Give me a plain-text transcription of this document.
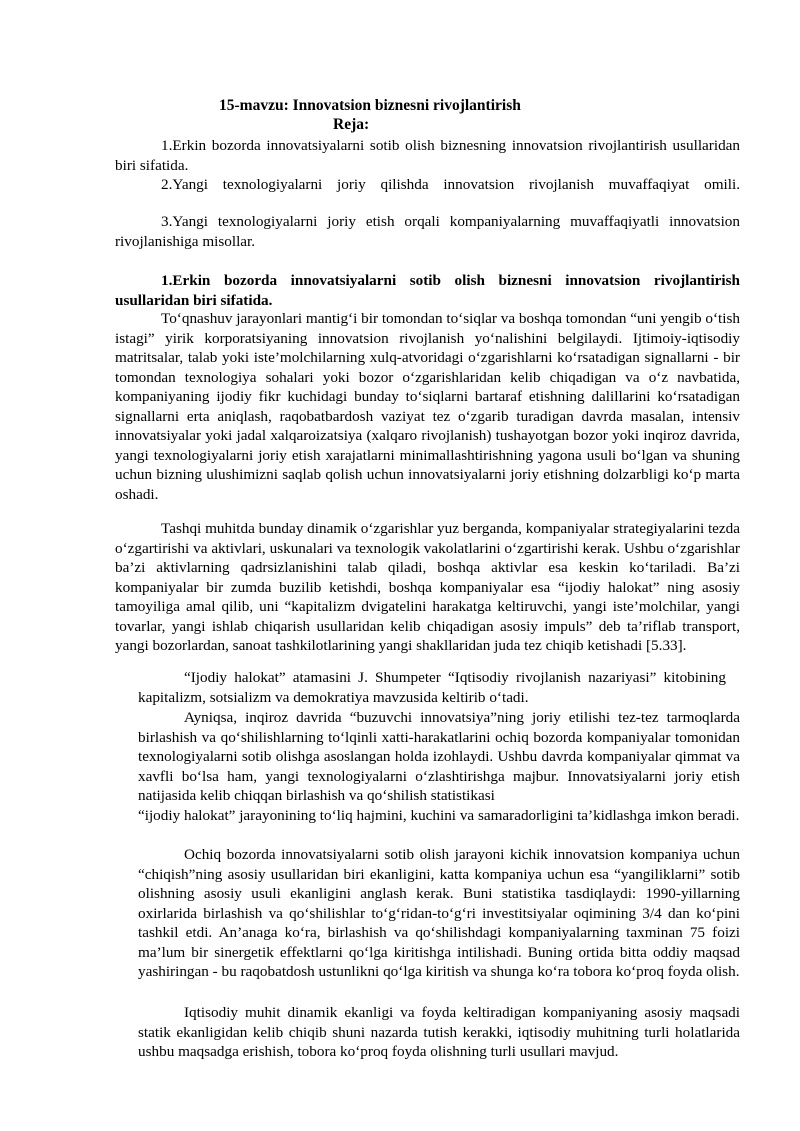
15-mavzu: Innovatsion biznesni rivojlantirish
Reja:

1.Erkin bozorda innovatsiyalarni sotib olish biznesning innovatsion rivojlantirish usullaridan biri sifatida.

2.Yangi texnologiyalarni joriy qilishda innovatsion rivojlanish muvaffaqiyat omili.

3.Yangi texnologiyalarni joriy etish orqali kompaniyalarning muvaffaqiyatli innovatsion rivojlanishiga misollar.

1.Erkin bozorda innovatsiyalarni sotib olish biznesni innovatsion rivojlantirish usullaridan biri sifatida.

To‘qnashuv jarayonlari mantig‘i bir tomondan to‘siqlar va boshqa tomondan “uni yengib o‘tish istagi” yirik korporatsiyaning innovatsion rivojlanish yo‘nalishini belgilaydi. Ijtimoiy-iqtisodiy matritsalar, talab yoki iste’molchilarning xulq-atvoridagi o‘zgarishlarni ko‘rsatadigan signallarni - bir tomondan texnologiya sohalari yoki bozor o‘zgarishlaridan kelib chiqadigan va o‘z navbatida, kompaniyaning ijodiy fikr kuchidagi bunday to‘siqlarni bartaraf etishning dalillarini ko‘rsatadigan signallarni erta aniqlash, raqobatbardosh vaziyat tez o‘zgarib turadigan davrda masalan, intensiv innovatsiyalar yoki jadal xalqaroizatsiya (xalqaro rivojlanish) tushayotgan bozor yoki inqiroz davrida, yangi texnologiyalarni joriy etish xarajatlarni minimallashtirishning yagona usuli bo‘lgan va shuning uchun bizning ulushimizni saqlab qolish uchun innovatsiyalarni joriy etishning dolzarbligi ko‘p marta oshadi.

Tashqi muhitda bunday dinamik o‘zgarishlar yuz berganda, kompaniyalar strategiyalarini tezda o‘zgartirishi va aktivlari, uskunalari va texnologik vakolatlarini o‘zgartirishi kerak. Ushbu o‘zgarishlar ba’zi aktivlarning qadrsizlanishini talab qiladi, boshqa aktivlar esa keskin ko‘tariladi. Ba’zi kompaniyalar bir zumda buzilib ketishdi, boshqa kompaniyalar esa “ijodiy halokat” ning asosiy tamoyiliga amal qilib, uni “kapitalizm dvigatelini harakatga keltiruvchi, yangi iste’molchilar, yangi tovarlar, yangi ishlab chiqarish usullaridan kelib chiqadigan asosiy impuls” deb ta’riflab transport, yangi bozorlardan, sanoat tashkilotlarining yangi shakllaridan juda tez chiqib ketishadi [5.33].

“Ijodiy halokat” atamasini J. Shumpeter “Iqtisodiy rivojlanish nazariyasi” kitobining kapitalizm, sotsializm va demokratiya mavzusida keltirib o‘tadi.

Ayniqsa, inqiroz davrida “buzuvchi innovatsiya”ning joriy etilishi tez-tez tarmoqlarda birlashish va qo‘shilishlarning to‘lqinli xatti-harakatlarini ochiq bozorda kompaniyalar tomonidan texnologiyalarni sotib olishga asoslangan holda izohlaydi. Ushbu davrda kompaniyalar qimmat va xavfli bo‘lsa ham, yangi texnologiyalarni o‘zlashtirishga majbur. Innovatsiyalarni joriy etish natijasida kelib chiqqan birlashish va qo‘shilish statistikasi

“ijodiy halokat” jarayonining to‘liq hajmini, kuchini va samaradorligini ta’kidlashga imkon beradi.

Ochiq bozorda innovatsiyalarni sotib olish jarayoni kichik innovatsion kompaniya uchun “chiqish”ning asosiy usullaridan biri ekanligini, katta kompaniya uchun esa “yangiliklarni” sotib olishning asosiy usuli ekanligini anglash kerak. Buni statistika tasdiqlaydi: 1990-yillarning oxirlarida birlashish va qo‘shilishlar to‘g‘ridan-to‘g‘ri investitsiyalar oqimining 3/4 dan ko‘pini tashkil etdi. An’anaga ko‘ra, birlashish va qo‘shilishdagi kompaniyalarning taxminan 75 foizi ma’lum bir sinergetik effektlarni qo‘lga kiritishga intilishadi. Buning ortida bitta oddiy maqsad yashiringan - bu raqobatdosh ustunlikni qo‘lga kiritish va shunga ko‘ra tobora ko‘proq foyda olish.

Iqtisodiy muhit dinamik ekanligi va foyda keltiradigan kompaniyaning asosiy maqsadi statik ekanligidan kelib chiqib shuni nazarda tutish kerakki, iqtisodiy muhitning turli holatlarida ushbu maqsadga erishish, tobora ko‘proq foyda olishning turli usullari mavjud.
